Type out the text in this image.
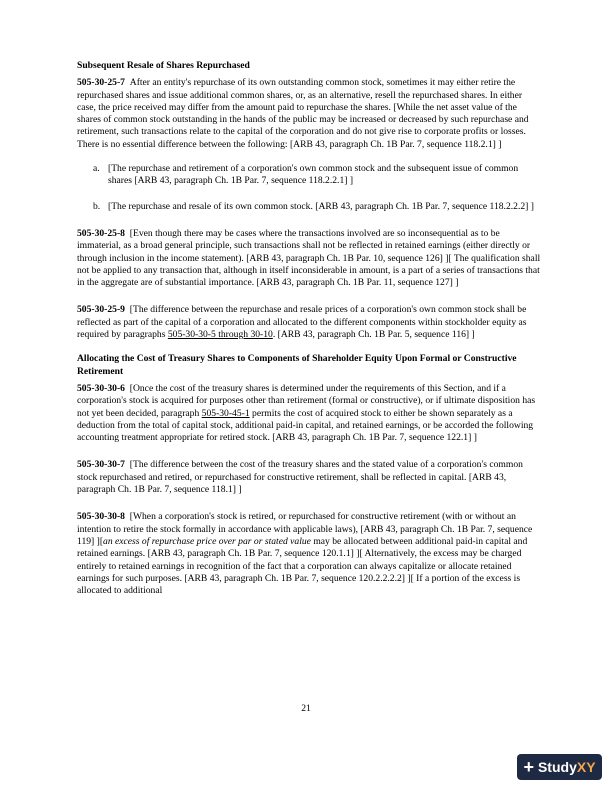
Subsequent Resale of Shares Repurchased
505-30-25-7 After an entity's repurchase of its own outstanding common stock, sometimes it may either retire the repurchased shares and issue additional common shares, or, as an alternative, resell the repurchased shares. In either case, the price received may differ from the amount paid to repurchase the shares. [While the net asset value of the shares of common stock outstanding in the hands of the public may be increased or decreased by such repurchase and retirement, such transactions relate to the capital of the corporation and do not give rise to corporate profits or losses. There is no essential difference between the following: [ARB 43, paragraph Ch. 1B Par. 7, sequence 118.2.1] ]
a. [The repurchase and retirement of a corporation's own common stock and the subsequent issue of common shares [ARB 43, paragraph Ch. 1B Par. 7, sequence 118.2.2.1] ]
b. [The repurchase and resale of its own common stock. [ARB 43, paragraph Ch. 1B Par. 7, sequence 118.2.2.2] ]
505-30-25-8 [Even though there may be cases where the transactions involved are so inconsequential as to be immaterial, as a broad general principle, such transactions shall not be reflected in retained earnings (either directly or through inclusion in the income statement). [ARB 43, paragraph Ch. 1B Par. 10, sequence 126] ][ The qualification shall not be applied to any transaction that, although in itself inconsiderable in amount, is a part of a series of transactions that in the aggregate are of substantial importance. [ARB 43, paragraph Ch. 1B Par. 11, sequence 127] ]
505-30-25-9 [The difference between the repurchase and resale prices of a corporation's own common stock shall be reflected as part of the capital of a corporation and allocated to the different components within stockholder equity as required by paragraphs 505-30-30-5 through 30-10. [ARB 43, paragraph Ch. 1B Par. 5, sequence 116] ]
Allocating the Cost of Treasury Shares to Components of Shareholder Equity Upon Formal or Constructive Retirement
505-30-30-6 [Once the cost of the treasury shares is determined under the requirements of this Section, and if a corporation's stock is acquired for purposes other than retirement (formal or constructive), or if ultimate disposition has not yet been decided, paragraph 505-30-45-1 permits the cost of acquired stock to either be shown separately as a deduction from the total of capital stock, additional paid-in capital, and retained earnings, or be accorded the following accounting treatment appropriate for retired stock. [ARB 43, paragraph Ch. 1B Par. 7, sequence 122.1] ]
505-30-30-7 [The difference between the cost of the treasury shares and the stated value of a corporation's common stock repurchased and retired, or repurchased for constructive retirement, shall be reflected in capital. [ARB 43, paragraph Ch. 1B Par. 7, sequence 118.1] ]
505-30-30-8 [When a corporation's stock is retired, or repurchased for constructive retirement (with or without an intention to retire the stock formally in accordance with applicable laws), [ARB 43, paragraph Ch. 1B Par. 7, sequence 119] ][an excess of repurchase price over par or stated value may be allocated between additional paid-in capital and retained earnings. [ARB 43, paragraph Ch. 1B Par. 7, sequence 120.1.1] ][ Alternatively, the excess may be charged entirely to retained earnings in recognition of the fact that a corporation can always capitalize or allocate retained earnings for such purposes. [ARB 43, paragraph Ch. 1B Par. 7, sequence 120.2.2.2.2] ][ If a portion of the excess is allocated to additional
21
+ Study XY
